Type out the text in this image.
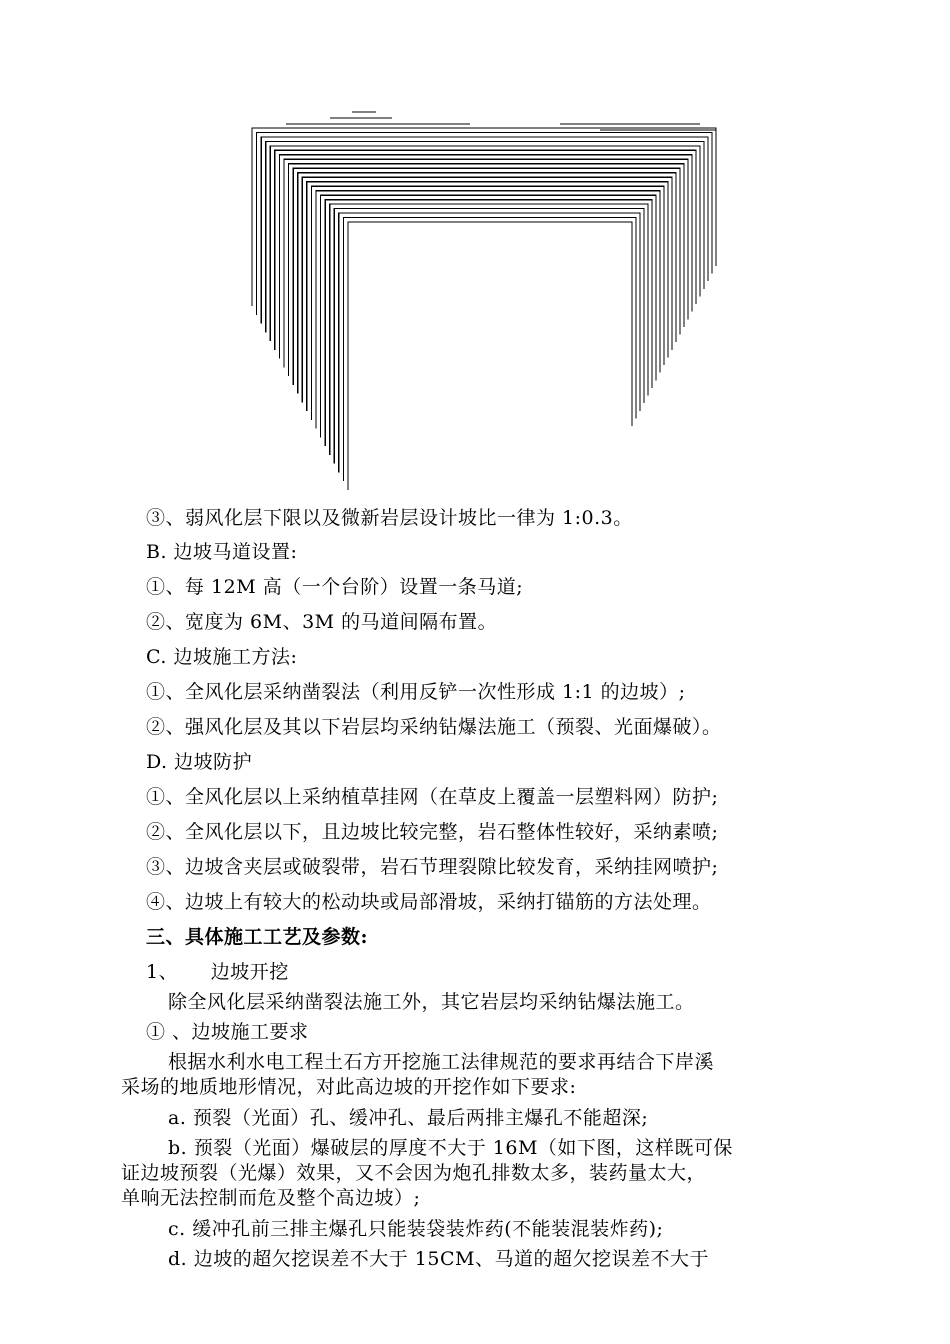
③、弱风化层下限以及微新岩层设计坡比一律为 1:0.3。
B. 边坡马道设置:
①、每 12M 高（一个台阶）设置一条马道;
②、宽度为 6M、3M 的马道间隔布置。
C. 边坡施工方法:
①、全风化层采纳凿裂法（利用反铲一次性形成 1:1 的边坡）;
②、强风化层及其以下岩层均采纳钻爆法施工（预裂、光面爆破）。
D. 边坡防护
①、全风化层以上采纳植草挂网（在草皮上覆盖一层塑料网）防护;
②、全风化层以下，且边坡比较完整，岩石整体性较好，采纳素喷;
③、边坡含夹层或破裂带，岩石节理裂隙比较发育，采纳挂网喷护;
④、边坡上有较大的松动块或局部滑坡，采纳打锚筋的方法处理。
三、具体施工工艺及参数:
1、     边坡开挖
除全风化层采纳凿裂法施工外，其它岩层均采纳钻爆法施工。
① 、边坡施工要求
根据水利水电工程土石方开挖施工法律规范的要求再结合下岸溪
采场的地质地形情况，对此高边坡的开挖作如下要求:
a. 预裂（光面）孔、缓冲孔、最后两排主爆孔不能超深;
b. 预裂（光面）爆破层的厚度不大于 16M（如下图，这样既可保
证边坡预裂（光爆）效果，又不会因为炮孔排数太多，装药量太大，
单响无法控制而危及整个高边坡）;
c. 缓冲孔前三排主爆孔只能装袋装炸药(不能装混装炸药);
d. 边坡的超欠挖误差不大于 15CM、马道的超欠挖误差不大于
